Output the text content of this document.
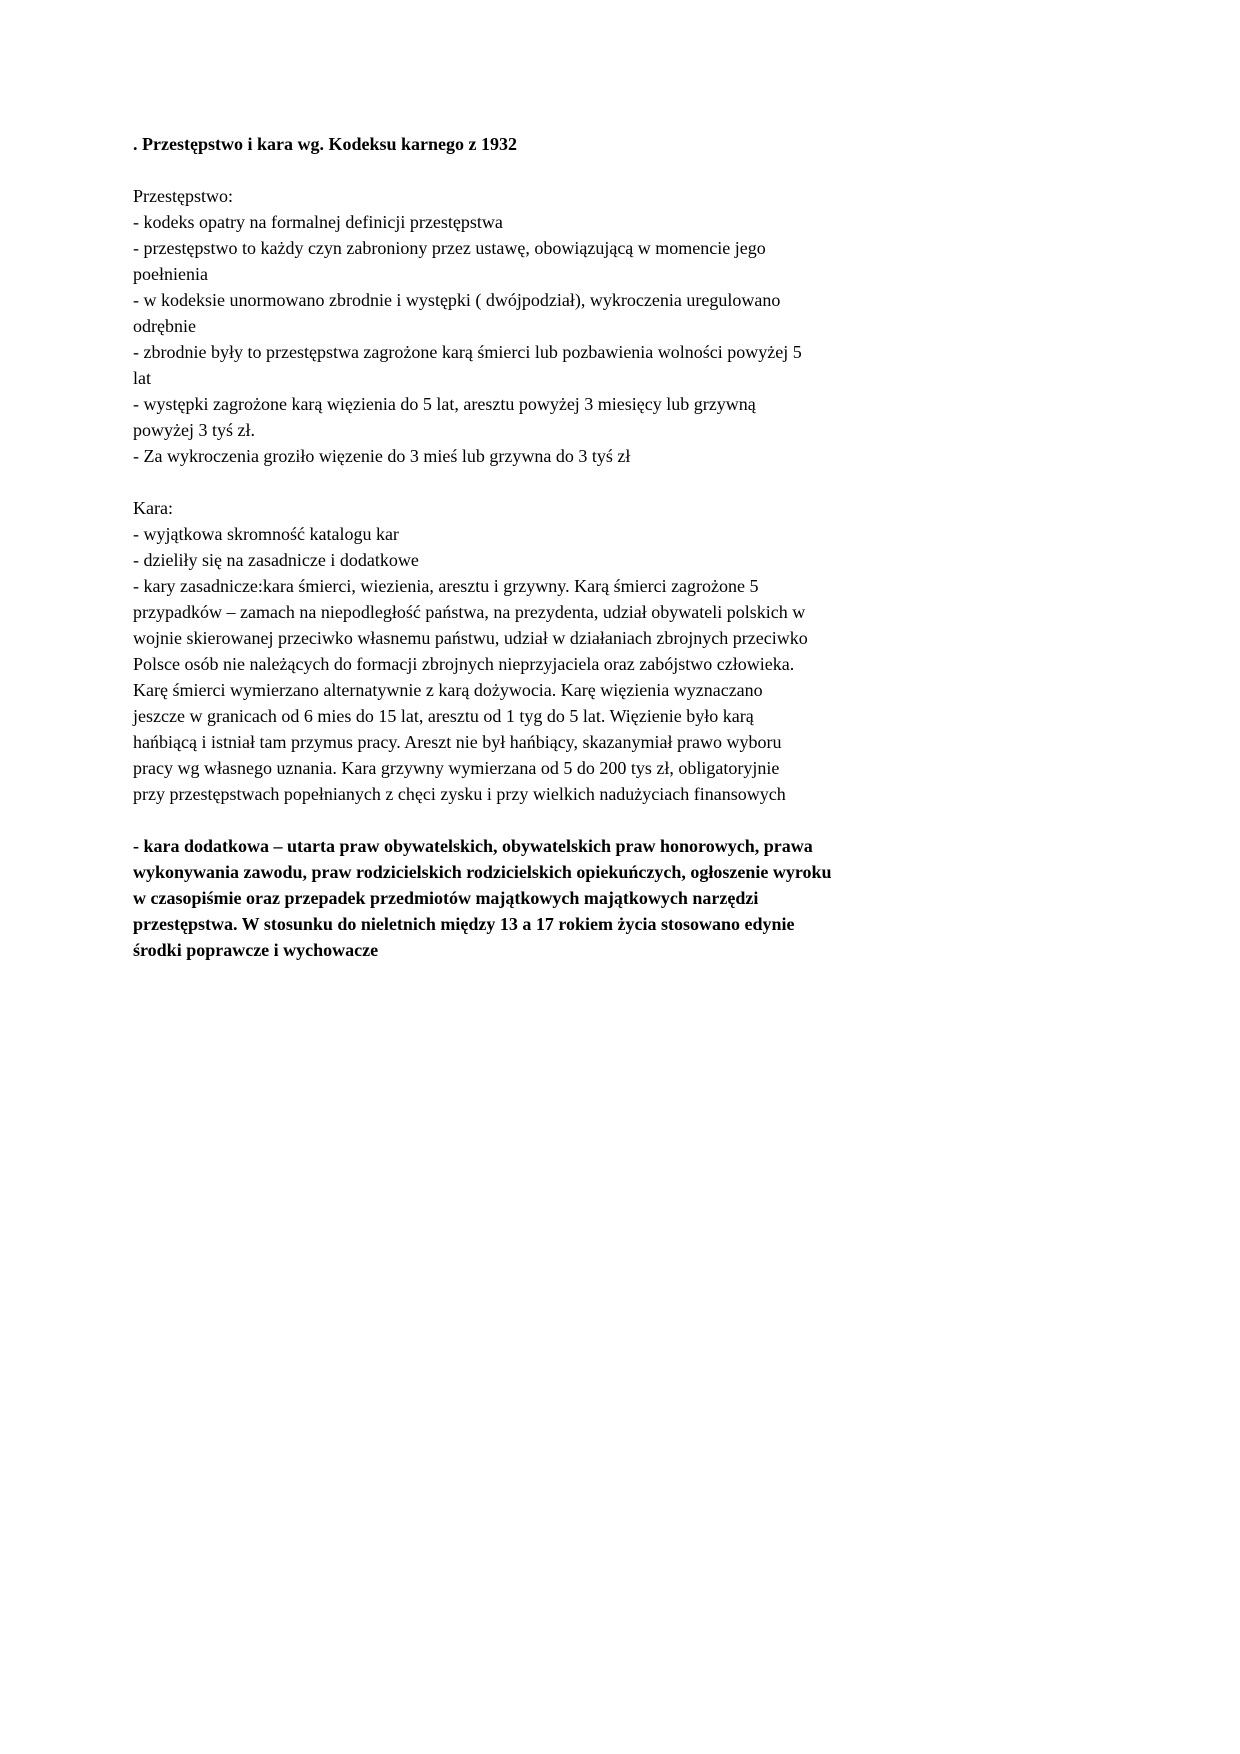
. Przestępstwo i kara wg. Kodeksu karnego z 1932
Przestępstwo:
- kodeks opatry na formalnej definicji przestępstwa
- przestępstwo to każdy czyn zabroniony przez ustawę, obowiązującą w momencie jego
poełnienia
- w kodeksie unormowano zbrodnie i występki ( dwójpodział), wykroczenia uregulowano
odrębnie
- zbrodnie były to przestępstwa zagrożone karą śmierci lub pozbawienia wolności powyżej 5
lat
- występki zagrożone karą więzienia do 5 lat, aresztu powyżej 3 miesięcy lub grzywną
powyżej 3 tyś zł.
- Za wykroczenia groziło więzenie do 3 mieś lub grzywna do 3 tyś zł
Kara:
- wyjątkowa skromność katalogu kar
- dzieliły się na zasadnicze i dodatkowe
- kary zasadnicze:kara śmierci, wiezienia, aresztu i grzywny. Karą śmierci zagrożone 5
przypadków – zamach na niepodległość państwa, na prezydenta, udział obywateli polskich w
wojnie skierowanej przeciwko własnemu państwu, udział w działaniach zbrojnych przeciwko
Polsce osób nie należących do formacji zbrojnych nieprzyjaciela oraz zabójstwo człowieka.
Karę śmierci wymierzano alternatywnie z karą dożywocia. Karę więzienia wyznaczano
jeszcze w granicach od 6 mies do 15 lat, aresztu od 1 tyg do 5 lat. Więzienie było karą
hańbiącą i istniał tam przymus pracy. Areszt nie był hańbiący, skazanymiał prawo wyboru
pracy wg własnego uznania. Kara grzywny wymierzana od 5 do 200 tys zł, obligatoryjnie
przy przestępstwach popełnianych z chęci zysku i przy wielkich nadużyciach finansowych
- kara dodatkowa – utarta praw obywatelskich, obywatelskich praw honorowych, prawa
wykonywania zawodu, praw rodzicielskich rodzicielskich opiekuńczych, ogłoszenie wyroku
w czasopiśmie oraz przepadek przedmiotów majątkowych majątkowych narzędzi
przestępstwa. W stosunku do nieletnich między 13 a 17 rokiem życia stosowano edynie
środki poprawcze i wychowacze
